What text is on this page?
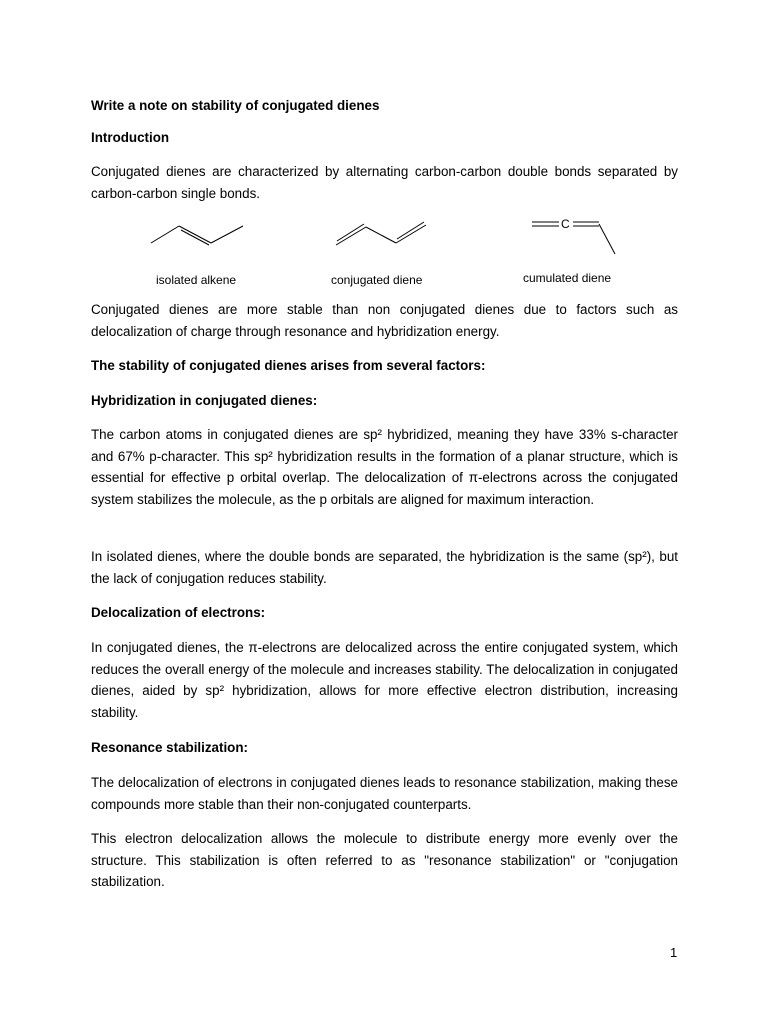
Write a note on stability of conjugated dienes

Introduction

Conjugated dienes are characterized by alternating carbon-carbon double bonds separated by carbon-carbon single bonds.

C
isolated alkene	conjugated diene	cumulated diene

Conjugated dienes are more stable than non conjugated dienes due to factors such as delocalization of charge through resonance and hybridization energy.

The stability of conjugated dienes arises from several factors:

Hybridization in conjugated dienes:

The carbon atoms in conjugated dienes are sp² hybridized, meaning they have 33% s-character and 67% p-character. This sp² hybridization results in the formation of a planar structure, which is essential for effective p orbital overlap. The delocalization of π-electrons across the conjugated system stabilizes the molecule, as the p orbitals are aligned for maximum interaction.

In isolated dienes, where the double bonds are separated, the hybridization is the same (sp²), but the lack of conjugation reduces stability.

Delocalization of electrons:

In conjugated dienes, the π-electrons are delocalized across the entire conjugated system, which reduces the overall energy of the molecule and increases stability. The delocalization in conjugated dienes, aided by sp² hybridization, allows for more effective electron distribution, increasing stability.

Resonance stabilization:

The delocalization of electrons in conjugated dienes leads to resonance stabilization, making these compounds more stable than their non-conjugated counterparts.

This electron delocalization allows the molecule to distribute energy more evenly over the structure. This stabilization is often referred to as "resonance stabilization" or "conjugation stabilization.

1
